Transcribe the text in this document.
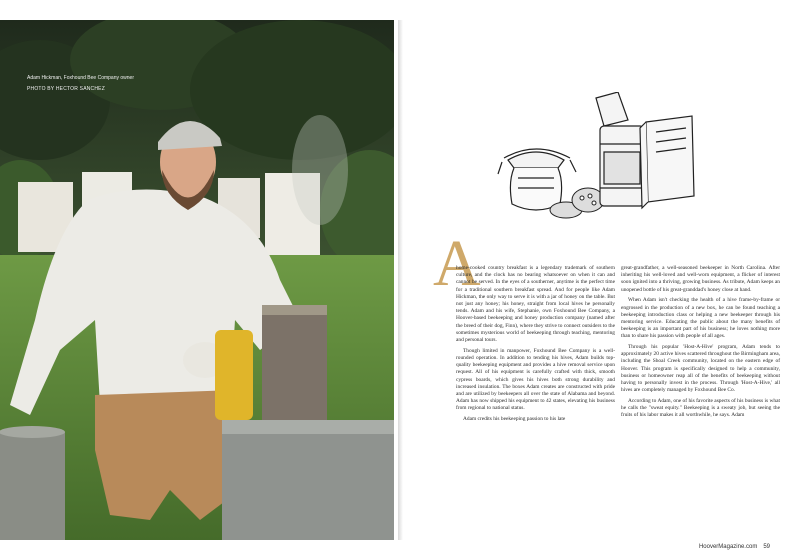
Adam Hickman, Foxhound Bee Company owner
PHOTO BY HECTOR SANCHEZ
A

home-cooked country breakfast is a legendary trademark of southern culture, and the clock has no bearing whatsoever on when it can and cannot be served. In the eyes of a southerner, anytime is the perfect time for a traditional southern breakfast spread. And for people like Adam Hickman, the only way to serve it is with a jar of honey on the table. But not just any honey; his honey, straight from local hives he personally tends. Adam and his wife, Stephanie, own Foxhound Bee Company, a Hoover-based beekeeping and honey production company (named after the breed of their dog, Finn), where they strive to connect outsiders to the sometimes mysterious world of beekeeping through teaching, mentoring and personal tours.

Though limited in manpower, Foxhound Bee Company is a well-rounded operation. In addition to tending his hives, Adam builds top-quality beekeeping equipment and provides a hive removal service upon request. All of his equipment is carefully crafted with thick, smooth cypress boards, which gives his hives both strong durability and increased insulation. The boxes Adam creates are constructed with pride and are utilized by beekeepers all over the state of Alabama and beyond. Adam has now shipped his equipment to 42 states, elevating his business from regional to national status.

Adam credits his beekeeping passion to his late

great-grandfather, a well-seasoned beekeeper in North Carolina. After inheriting his well-loved and well-worn equipment, a flicker of interest soon ignited into a thriving, growing business. As tribute, Adam keeps an unopened bottle of his great-granddad's honey close at hand.

When Adam isn't checking the health of a hive frame-by-frame or engrossed in the production of a new box, he can be found teaching a beekeeping introduction class or helping a new beekeeper through his mentoring service. Educating the public about the many benefits of beekeeping is an important part of his business; he loves nothing more than to share his passion with people of all ages.

Through his popular 'Host-A-Hive' program, Adam tends to approximately 20 active hives scattered throughout the Birmingham area, including the Shoal Creek community, located on the eastern edge of Hoover. This program is specifically designed to help a community, business or homeowner reap all of the benefits of beekeeping without having to personally invest in the process. Through 'Host-A-Hive,' all hives are completely managed by Foxhound Bee Co.

According to Adam, one of his favorite aspects of his business is what he calls the "sweat equity." Beekeeping is a sweaty job, but seeing the fruits of his labor makes it all worthwhile, he says. Adam

HooverMagazine.com 59
